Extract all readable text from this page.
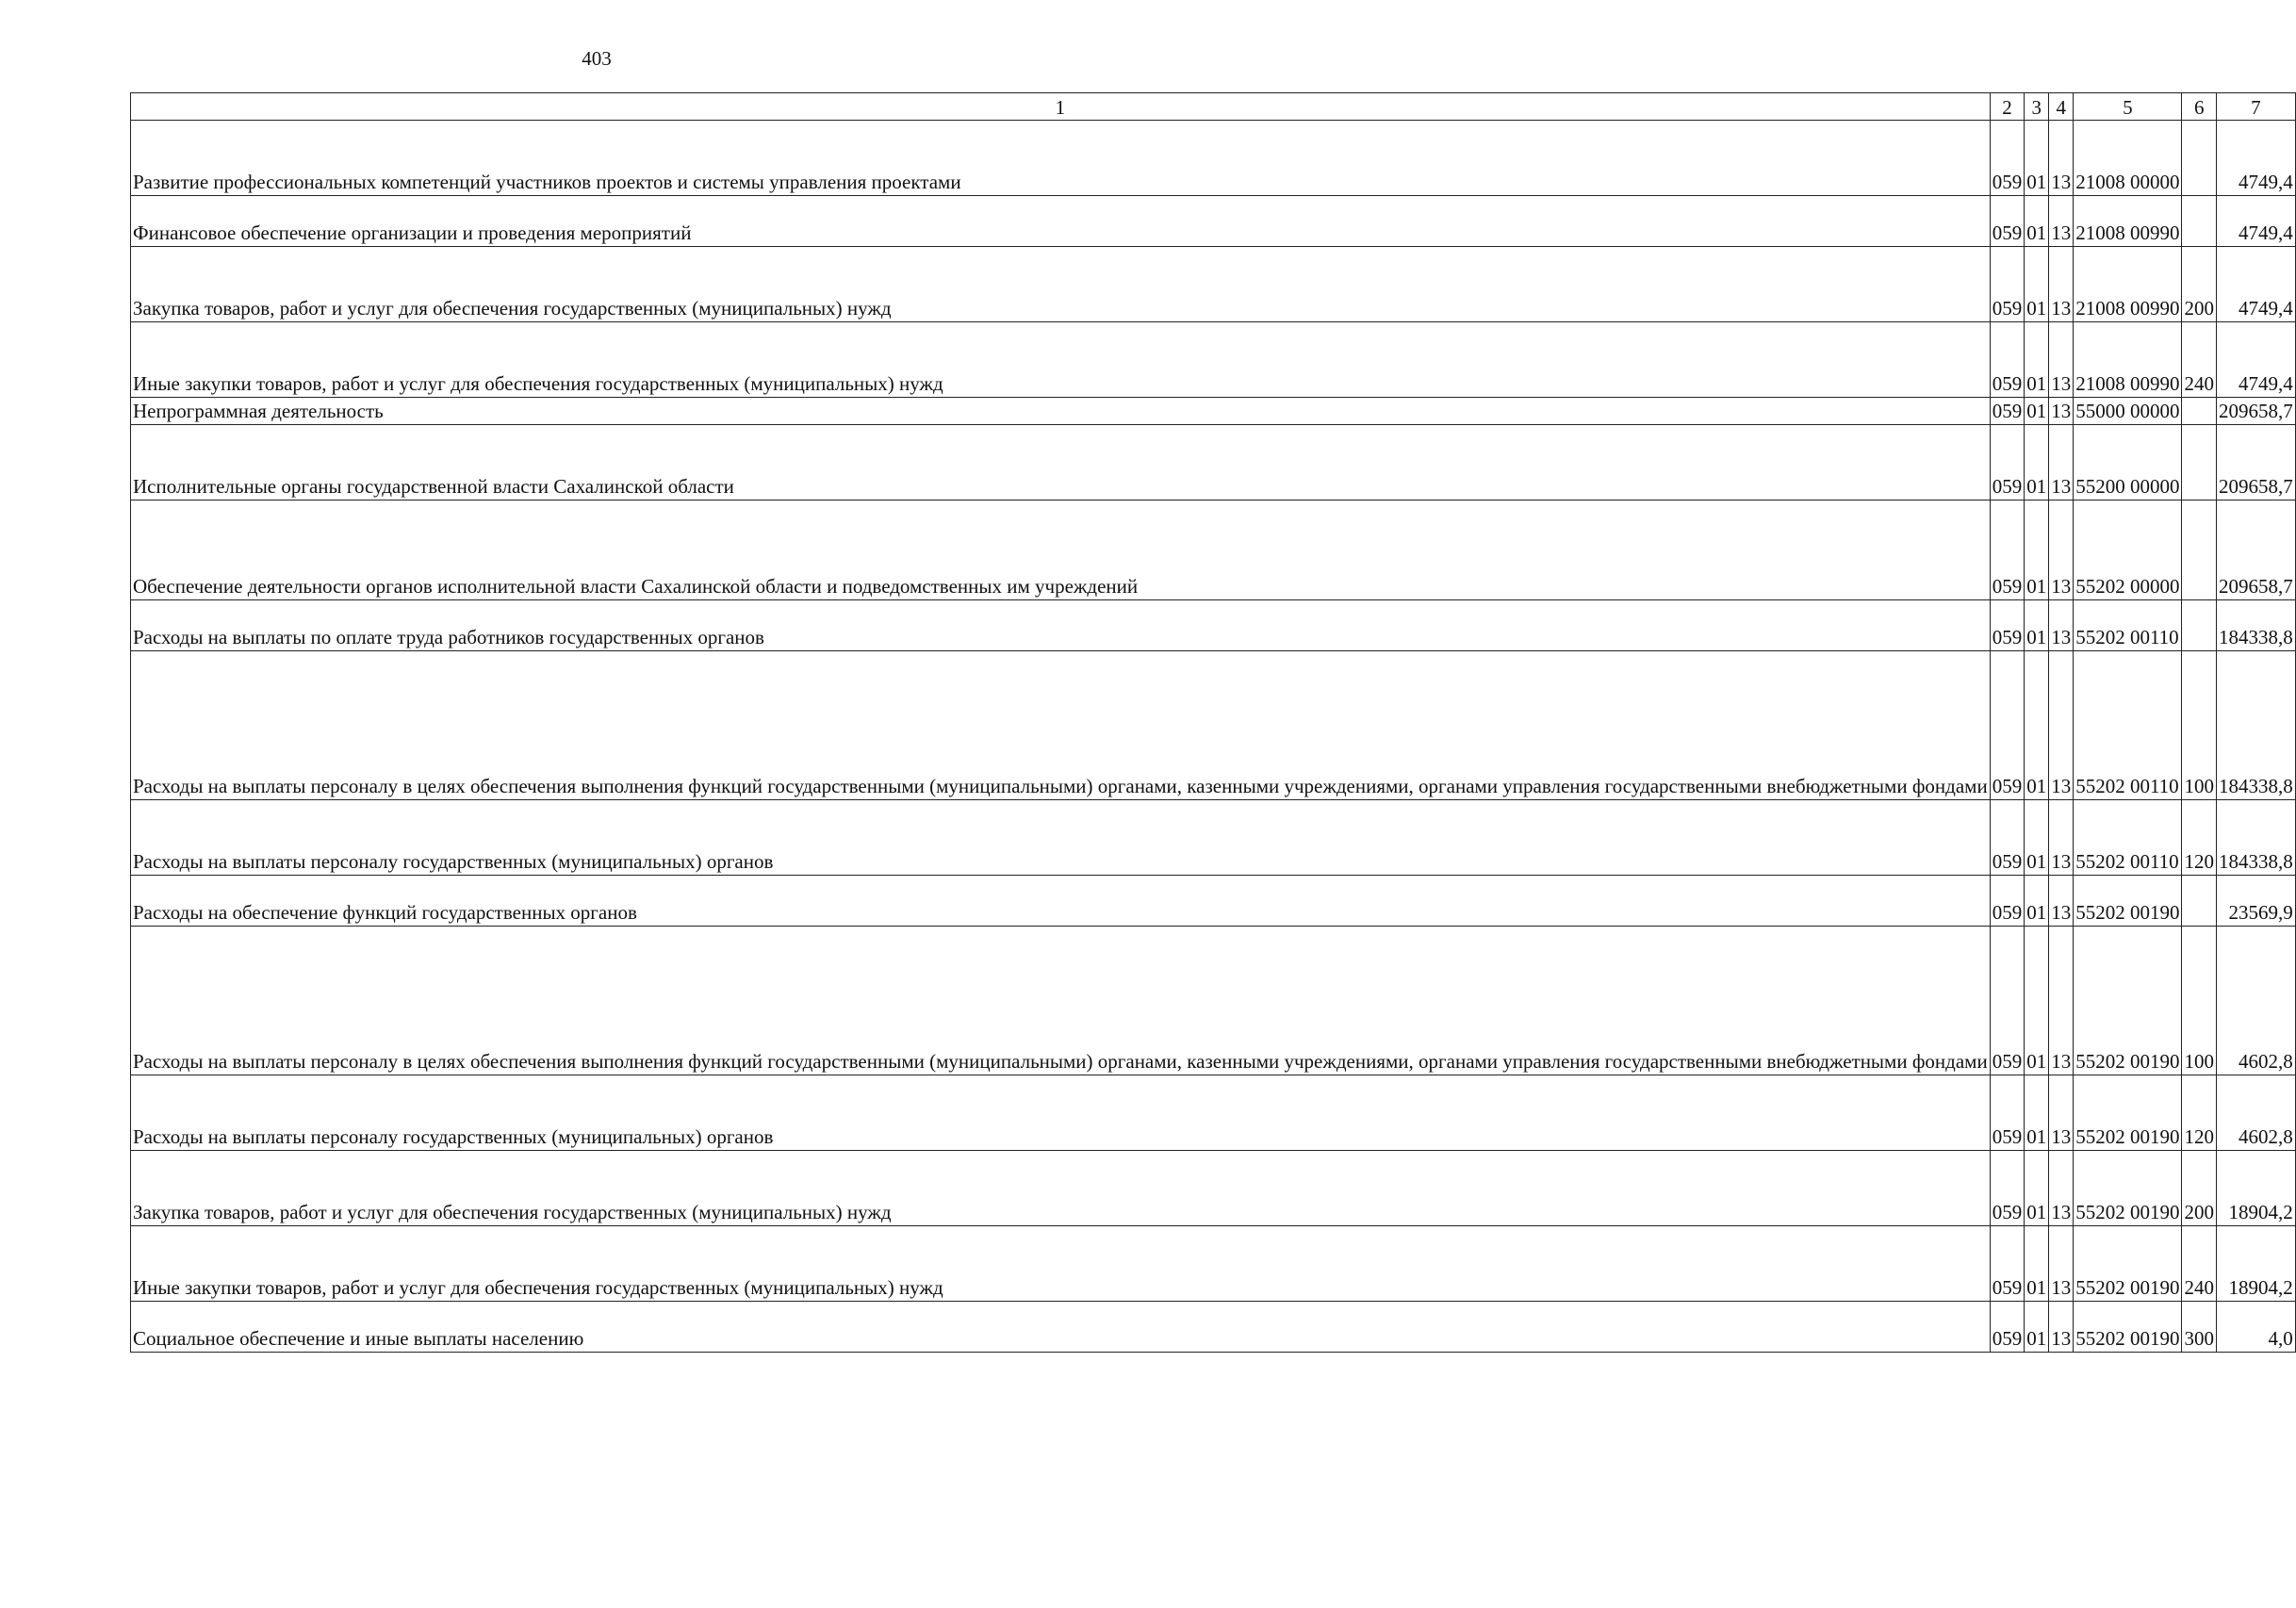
403
1	2	3	4	5	6	7
Развитие профессиональных компетенций участников проектов и системы управления проектами	059	01	13	21008 00000		4749,4
Финансовое обеспечение организации и проведения мероприятий	059	01	13	21008 00990		4749,4
Закупка товаров, работ и услуг для обеспечения государственных (муниципальных) нужд	059	01	13	21008 00990	200	4749,4
Иные закупки товаров, работ и услуг для обеспечения государственных (муниципальных) нужд	059	01	13	21008 00990	240	4749,4
Непрограммная деятельность	059	01	13	55000 00000		209658,7
Исполнительные органы государственной власти Сахалинской области	059	01	13	55200 00000		209658,7
Обеспечение деятельности органов исполнительной власти Сахалинской области и подведомственных им учреждений	059	01	13	55202 00000		209658,7
Расходы на выплаты по оплате труда работников государственных органов	059	01	13	55202 00110		184338,8
Расходы на выплаты персоналу в целях обеспечения выполнения функций государственными (муниципальными) органами, казенными учреждениями, органами управления государственными внебюджетными фондами	059	01	13	55202 00110	100	184338,8
Расходы на выплаты персоналу государственных (муниципальных) органов	059	01	13	55202 00110	120	184338,8
Расходы на обеспечение функций государственных органов	059	01	13	55202 00190		23569,9
Расходы на выплаты персоналу в целях обеспечения выполнения функций государственными (муниципальными) органами, казенными учреждениями, органами управления государственными внебюджетными фондами	059	01	13	55202 00190	100	4602,8
Расходы на выплаты персоналу государственных (муниципальных) органов	059	01	13	55202 00190	120	4602,8
Закупка товаров, работ и услуг для обеспечения государственных (муниципальных) нужд	059	01	13	55202 00190	200	18904,2
Иные закупки товаров, работ и услуг для обеспечения государственных (муниципальных) нужд	059	01	13	55202 00190	240	18904,2
Социальное обеспечение и иные выплаты населению	059	01	13	55202 00190	300	4,0
